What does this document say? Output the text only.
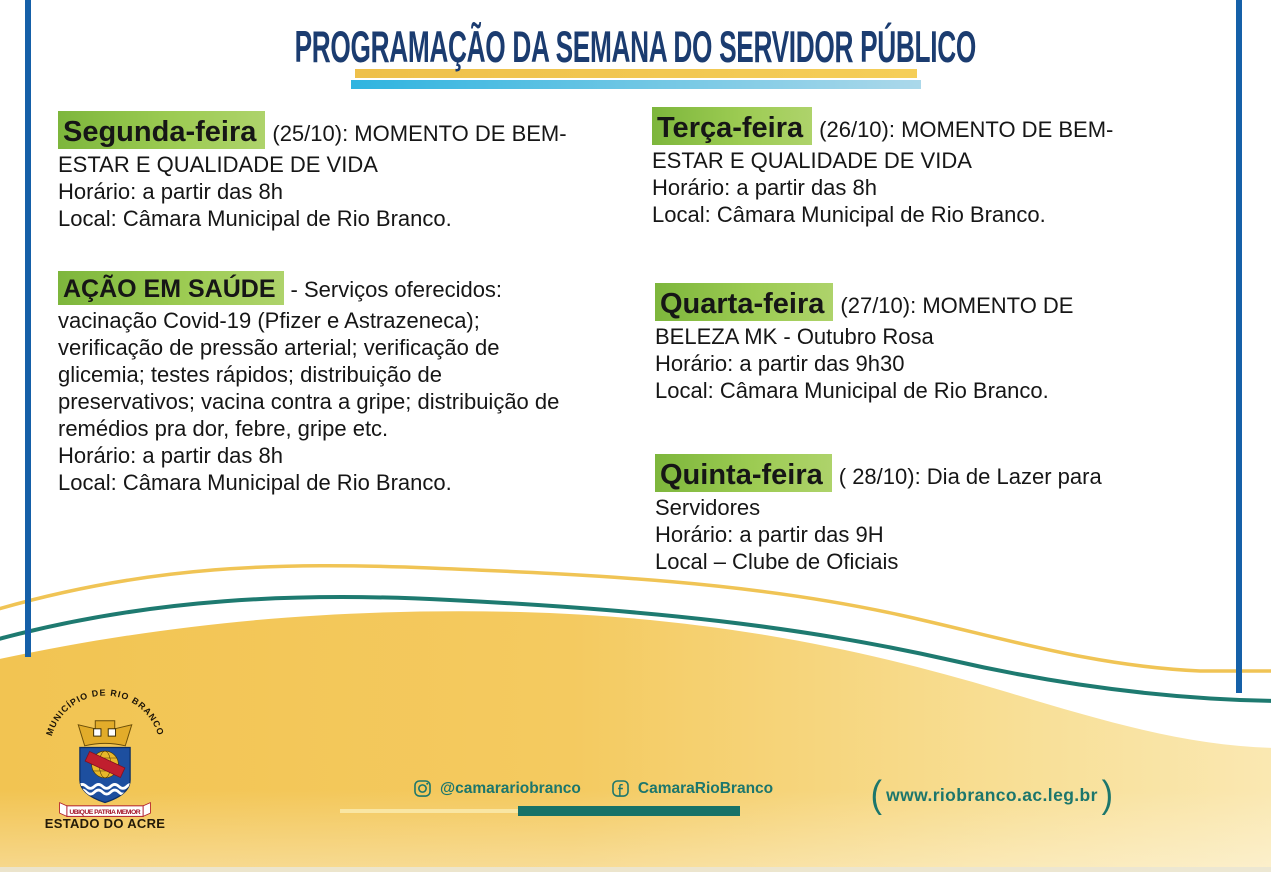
PROGRAMAÇÃO DA SEMANA DO SERVIDOR PÚBLICO

Segunda-feira (25/10): MOMENTO DE BEM-ESTAR E QUALIDADE DE VIDA

Horário: a partir das 8h

Local: Câmara Municipal de Rio Branco.

AÇÃO EM SAÚDE - Serviços oferecidos: vacinação Covid-19 (Pfizer e Astrazeneca); verificação de pressão arterial; verificação de glicemia; testes rápidos; distribuição de preservativos; vacina contra a gripe; distribuição de remédios pra dor, febre, gripe etc.

Horário: a partir das 8h

Local: Câmara Municipal de Rio Branco.

Terça-feira (26/10): MOMENTO DE BEM-ESTAR E QUALIDADE DE VIDA

Horário: a partir das 8h

Local: Câmara Municipal de Rio Branco.

Quarta-feira (27/10): MOMENTO DE BELEZA MK - Outubro Rosa

Horário: a partir das 9h30

Local: Câmara Municipal de Rio Branco.

Quinta-feira ( 28/10): Dia de Lazer para Servidores

Horário: a partir das 9H

Local – Clube de Oficiais

MUNICÍPIO DE RIO BRANCO
UBIQUE PATRIA MEMOR
ESTADO DO ACRE
@camarariobranco	CamaraRioBranco	( www.riobranco.ac.leg.br )
